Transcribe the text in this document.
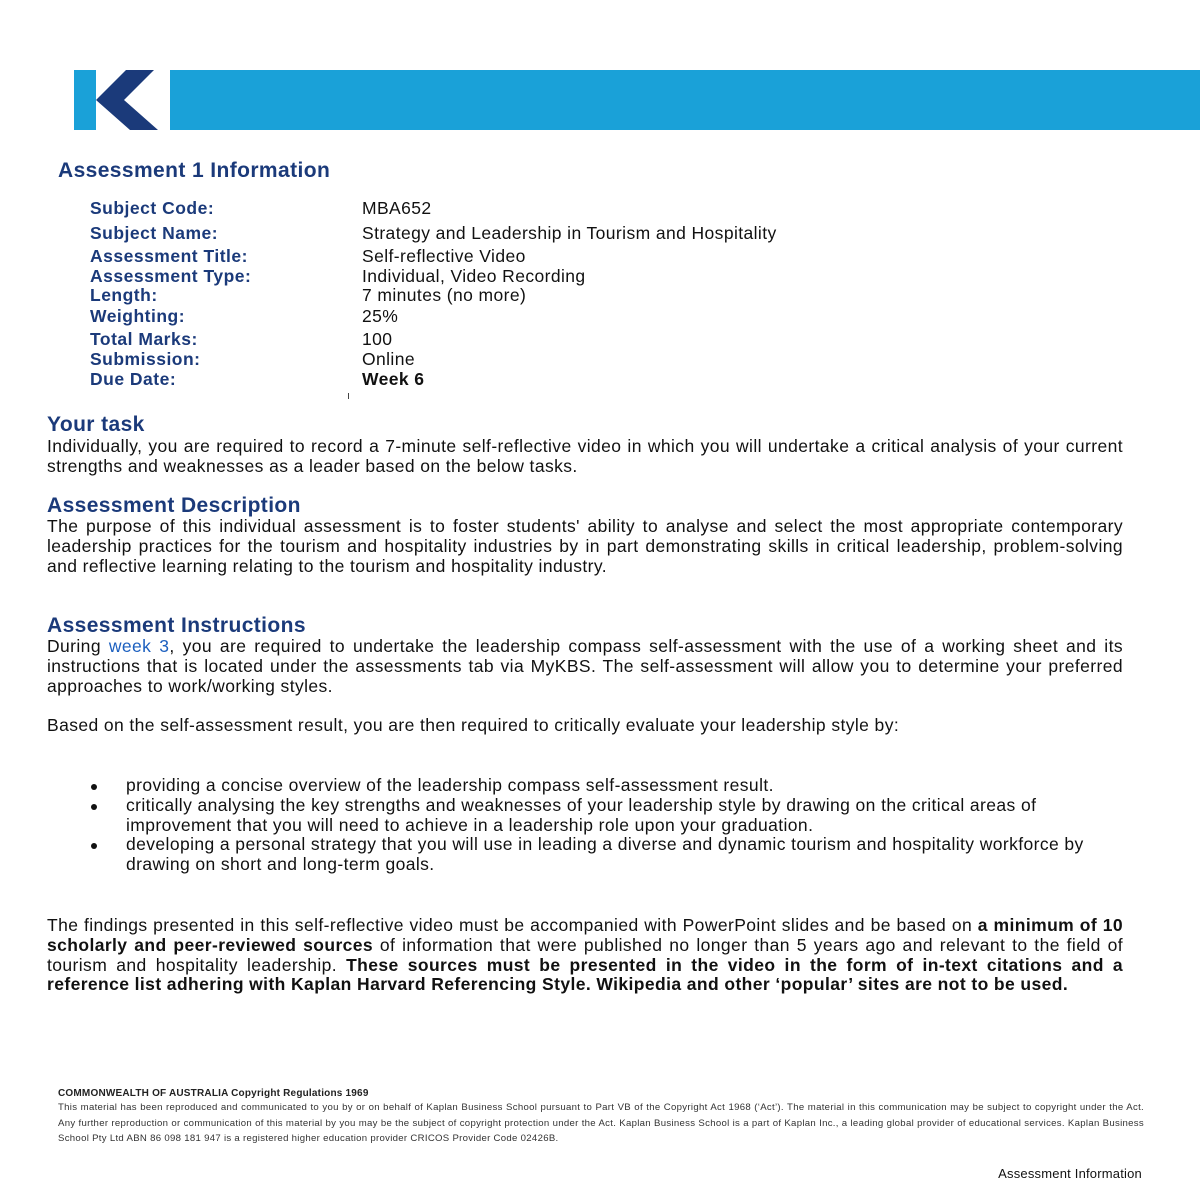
Assessment 1 Information
Subject Code:	MBA652
Subject Name:	Strategy and Leadership in Tourism and Hospitality
Assessment Title:	Self-reflective Video
Assessment Type:	Individual, Video Recording
Length:	7 minutes (no more)
Weighting:	25%
Total Marks:	100
Submission:	Online
Due Date:	Week 6
Your task

Individually, you are required to record a 7-minute self-reflective video in which you will undertake a critical analysis of your current strengths and weaknesses as a leader based on the below tasks.

Assessment Description

The purpose of this individual assessment is to foster students' ability to analyse and select the most appropriate contemporary leadership practices for the tourism and hospitality industries by in part demonstrating skills in critical leadership, problem-solving and reflective learning relating to the tourism and hospitality industry.

Assessment Instructions

During week 3, you are required to undertake the leadership compass self-assessment with the use of a working sheet and its instructions that is located under the assessments tab via MyKBS. The self-assessment will allow you to determine your preferred approaches to work/working styles.

Based on the self-assessment result, you are then required to critically evaluate your leadership style by:

providing a concise overview of the leadership compass self-assessment result.
critically analysing the key strengths and weaknesses of your leadership style by drawing on the critical areas of improvement that you will need to achieve in a leadership role upon your graduation.
developing a personal strategy that you will use in leading a diverse and dynamic tourism and hospitality workforce by drawing on short and long-term goals.

The findings presented in this self-reflective video must be accompanied with PowerPoint slides and be based on a minimum of 10 scholarly and peer-reviewed sources of information that were published no longer than 5 years ago and relevant to the field of tourism and hospitality leadership. These sources must be presented in the video in the form of in-text citations and a reference list adhering with Kaplan Harvard Referencing Style. Wikipedia and other ‘popular’ sites are not to be used.

COMMONWEALTH OF AUSTRALIA Copyright Regulations 1969

This material has been reproduced and communicated to you by or on behalf of Kaplan Business School pursuant to Part VB of the Copyright Act 1968 (‘Act’). The material in this communication may be subject to copyright under the Act. Any further reproduction or communication of this material by you may be the subject of copyright protection under the Act. Kaplan Business School is a part of Kaplan Inc., a leading global provider of educational services. Kaplan Business School Pty Ltd ABN 86 098 181 947 is a registered higher education provider CRICOS Provider Code 02426B.

Assessment Information
